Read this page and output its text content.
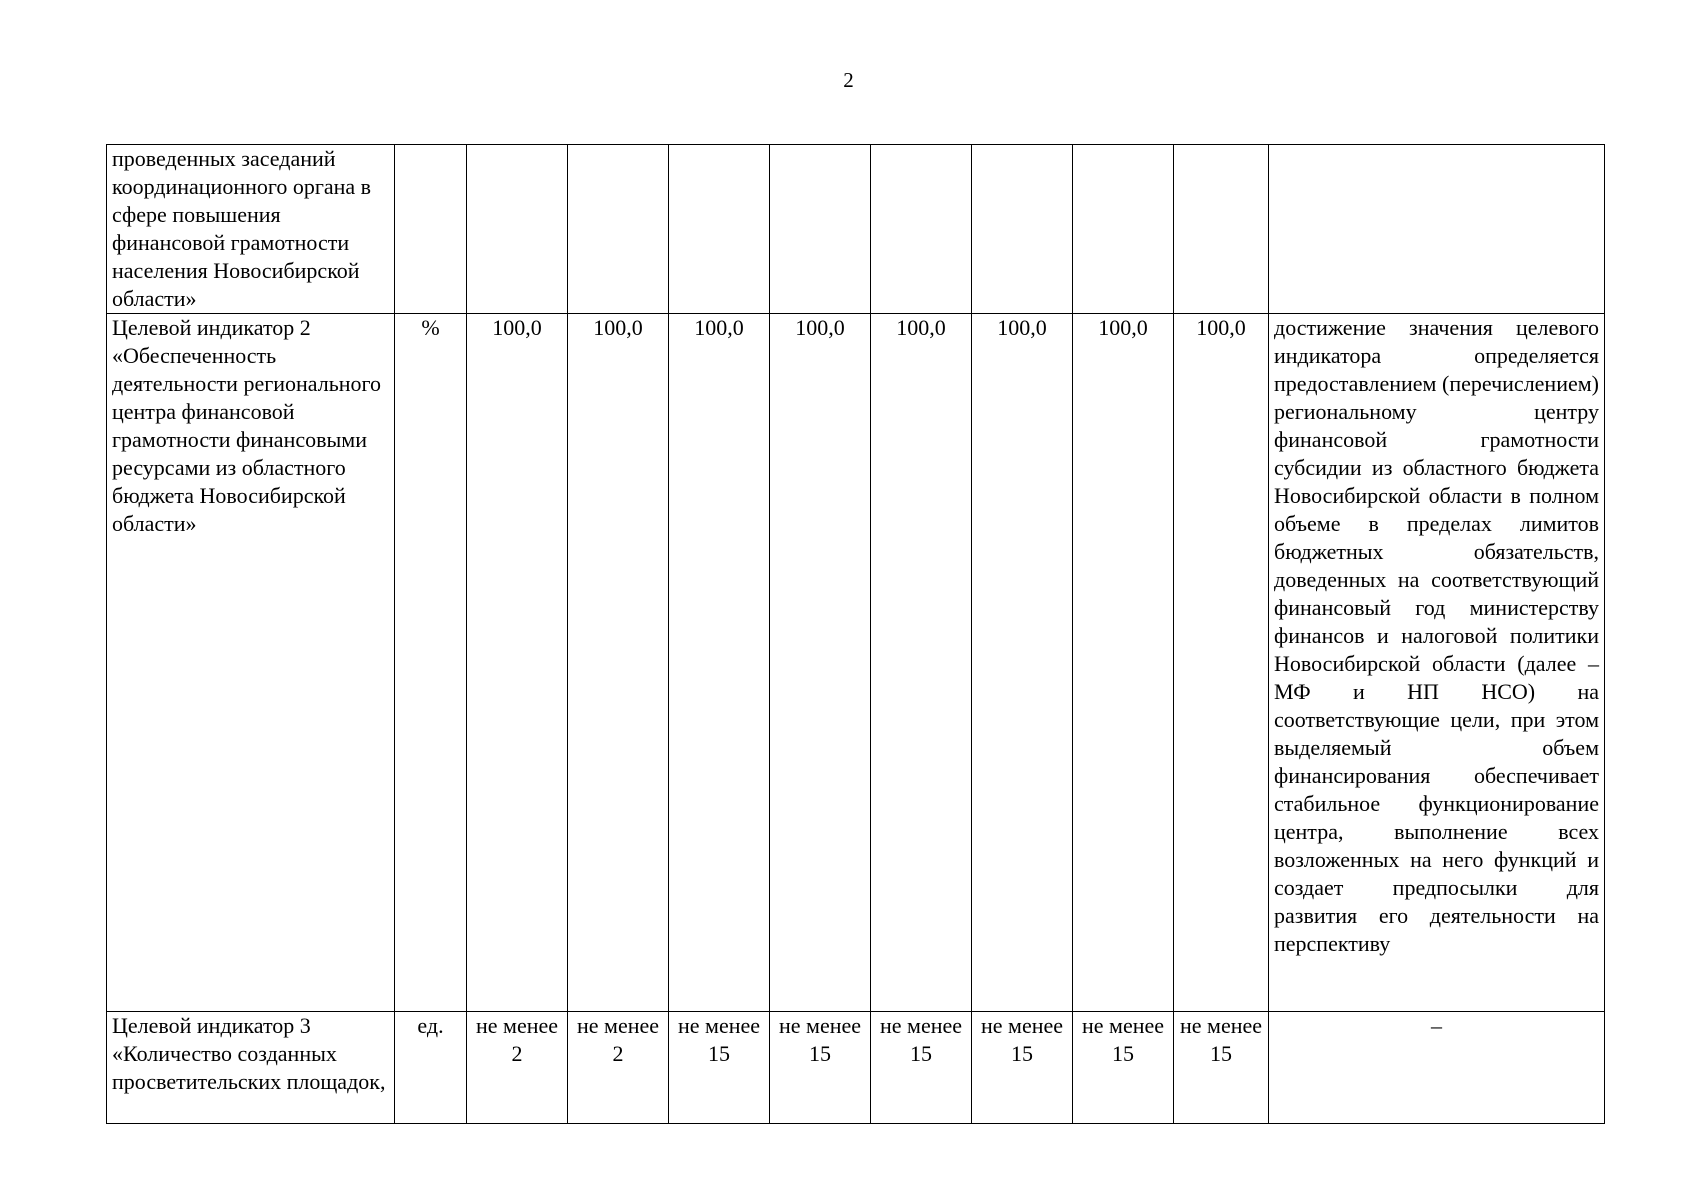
2
проведенных заседаний координационного органа в сфере повышения финансовой грамотности населения Новосибирской области»										

Целевой индикатор 2 «Обеспеченность деятельности регионального центра финансовой грамотности финансовыми ресурсами из областного бюджета Новосибирской области»	%	100,0	100,0	100,0	100,0	100,0	100,0	100,0	100,0	достижение значения целевого индикатора определяется предоставлением (перечислением) региональному центру финансовой грамотности субсидии из областного бюджета Новосибирской области в полном объеме в пределах лимитов бюджетных обязательств, доведенных на соответствующий финансовый год министерству финансов и налоговой политики Новосибирской области (далее – МФ и НП НСО) на соответствующие цели, при этом выделяемый объем финансирования обеспечивает стабильное функционирование центра, выполнение всех возложенных на него функций и создает предпосылки для развития его деятельности на перспективу

Целевой индикатор 3 «Количество созданных просветительских площадок,	ед.	не менее 2	не менее 2	не менее 15	не менее 15	не менее 15	не менее 15	не менее 15	не менее 15	–
